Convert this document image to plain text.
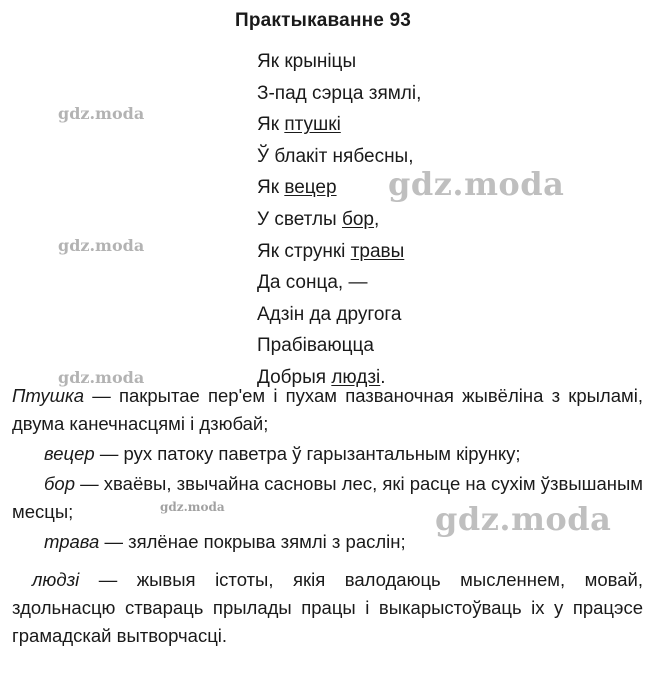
Практыкаванне 93
Як крыніцы
З-пад сэрца зямлі,
Як птушкі
Ў блакіт нябесны,
Як вецер
У светлы бор,
Як стрункі травы
Да сонца, —
Адзін да другога
Прабіваюцца
Добрыя людзі.
Птушка — пакрытае пер'ем і пухам пазваночная жывёліна з крыламі, двума канечнасцямі і дзюбай;
вецер — рух патоку паветра ў гарызантальным кірунку;
бор — хваёвы, звычайна сасновы лес, які расце на сухім ўзвышаным месцы;
трава — зялёнае покрыва зямлі з раслін;
людзі — жывыя істоты, якія валодаюць мысленнем, мовай, здольнасцю ствараць прылады працы і выкарыстоўваць іх у працэсе грамадскай вытворчасці.
gdz.moda
gdz.moda
gdz.moda
gdz.moda
gdz.moda
gdz.moda
